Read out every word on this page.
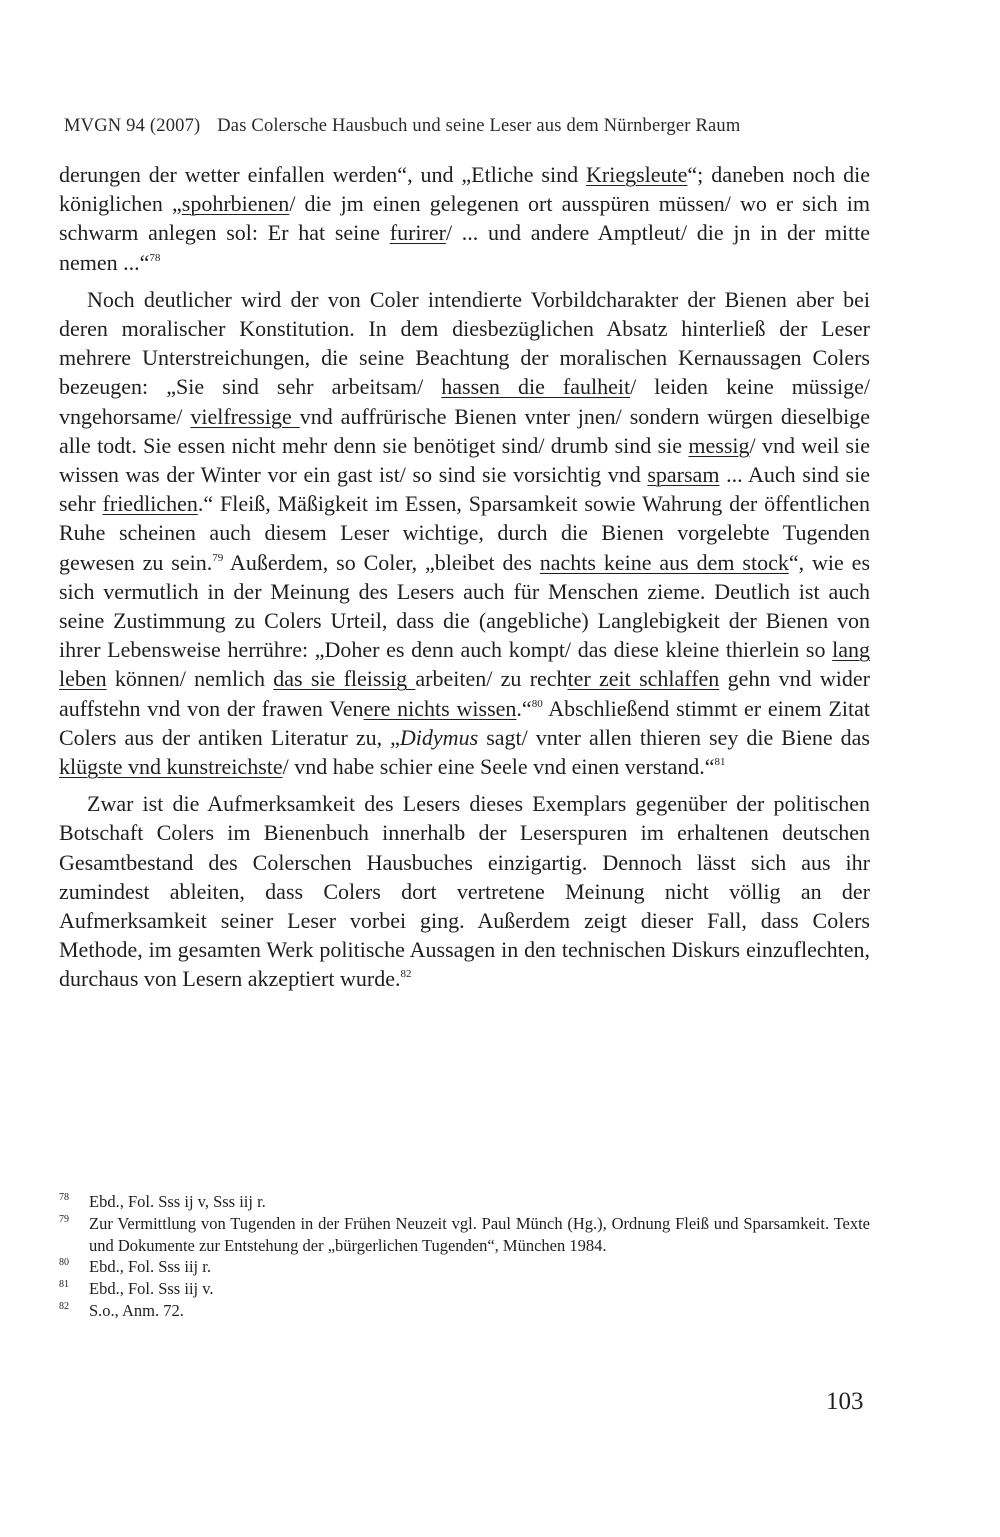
MVGN 94 (2007) Das Colersche Hausbuch und seine Leser aus dem Nürnberger Raum

derungen der wetter einfallen werden“, und „Etliche sind Kriegsleute“; daneben noch die königlichen „spohrbienen/ die jm einen gelegenen ort ausspüren müssen/ wo er sich im schwarm anlegen sol: Er hat seine furirer/ ... und andere Amptleut/ die jn in der mitte nemen ...“$^{78}$

Noch deutlicher wird der von Coler intendierte Vorbildcharakter der Bienen aber bei deren moralischer Konstitution. In dem diesbezüglichen Absatz hinterließ der Leser mehrere Unterstreichungen, die seine Beachtung der moralischen Kernaussagen Colers bezeugen: „Sie sind sehr arbeitsam/ hassen die faulheit/ leiden keine müssige/ vngehorsame/ vielfressige vnd auffrürische Bienen vnter jnen/ sondern würgen dieselbige alle todt. Sie essen nicht mehr denn sie benötiget sind/ drumb sind sie messig/ vnd weil sie wissen was der Winter vor ein gast ist/ so sind sie vorsichtig vnd sparsam ... Auch sind sie sehr friedlichen.“ Fleiß, Mäßigkeit im Essen, Sparsamkeit sowie Wahrung der öffentlichen Ruhe scheinen auch diesem Leser wichtige, durch die Bienen vorgelebte Tugenden gewesen zu sein.$^{79}$ Außerdem, so Coler, „bleibet des nachts keine aus dem stock“, wie es sich vermutlich in der Meinung des Lesers auch für Menschen zieme. Deutlich ist auch seine Zustimmung zu Colers Urteil, dass die (angebliche) Langlebigkeit der Bienen von ihrer Lebensweise herrühre: „Doher es denn auch kompt/ das diese kleine thierlein so lang leben können/ nemlich das sie fleissig arbeiten/ zu rechter zeit schlaffen gehn vnd wider auffstehn vnd von der frawen Venere nichts wissen.“$^{80}$ Abschließend stimmt er einem Zitat Colers aus der antiken Literatur zu, „Didymus sagt/ vnter allen thieren sey die Biene das klügste vnd kunstreichste/ vnd habe schier eine Seele vnd einen verstand.“$^{81}$

Zwar ist die Aufmerksamkeit des Lesers dieses Exemplars gegenüber der politischen Botschaft Colers im Bienenbuch innerhalb der Leserspuren im erhaltenen deutschen Gesamtbestand des Colerschen Hausbuches einzigartig. Dennoch lässt sich aus ihr zumindest ableiten, dass Colers dort vertretene Meinung nicht völlig an der Aufmerksamkeit seiner Leser vorbei ging. Außerdem zeigt dieser Fall, dass Colers Methode, im gesamten Werk politische Aussagen in den technischen Diskurs einzuflechten, durchaus von Lesern akzeptiert wurde.$^{82}$

78	Ebd., Fol. Sss ij v, Sss iij r.
79	Zur Vermittlung von Tugenden in der Frühen Neuzeit vgl. Paul Münch (Hg.), Ordnung Fleiß und Sparsamkeit. Texte und Dokumente zur Entstehung der „bürgerlichen Tugenden“, München 1984.
80	Ebd., Fol. Sss iij r.
81	Ebd., Fol. Sss iij v.
82	S.o., Anm. 72.
103
